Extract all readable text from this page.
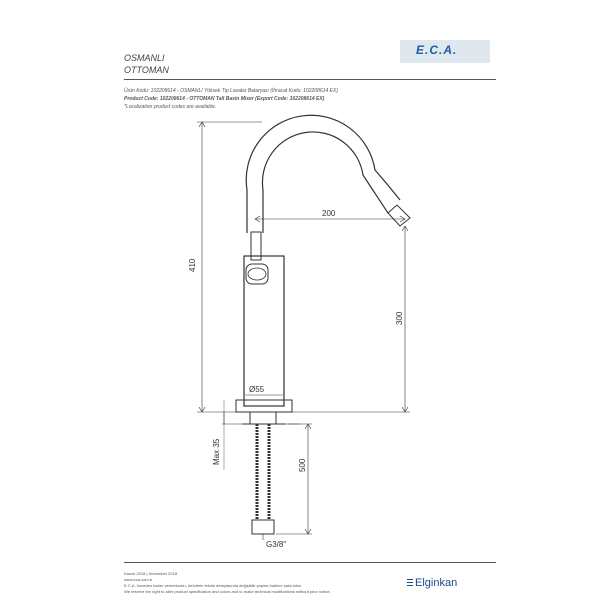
OSMANLI
OTTOMAN
E.C.A.
Ürün Kodu: 102208614 - OSMANLI Yüksek Tip Lavabo Bataryası (İhracat Kodu: 102208614 EX)
Product Code: 102208614 - OTTOMAN Tall Basin Mixer (Export Code: 102208614 EX)
*Localization product codes are available.
410
200
300
Ø55
Max 35
500
G3/8"
Kasım 2018 | November 2018
www.eca.com.tr
E.C.A. önceden haber vermeksizin, ürünlerin teknik detaylarında değişiklik yapma hakkını saklı tutar.
We reserve the right to alter product specification and colors and to make technical modifications without prior notice.
Elginkan
